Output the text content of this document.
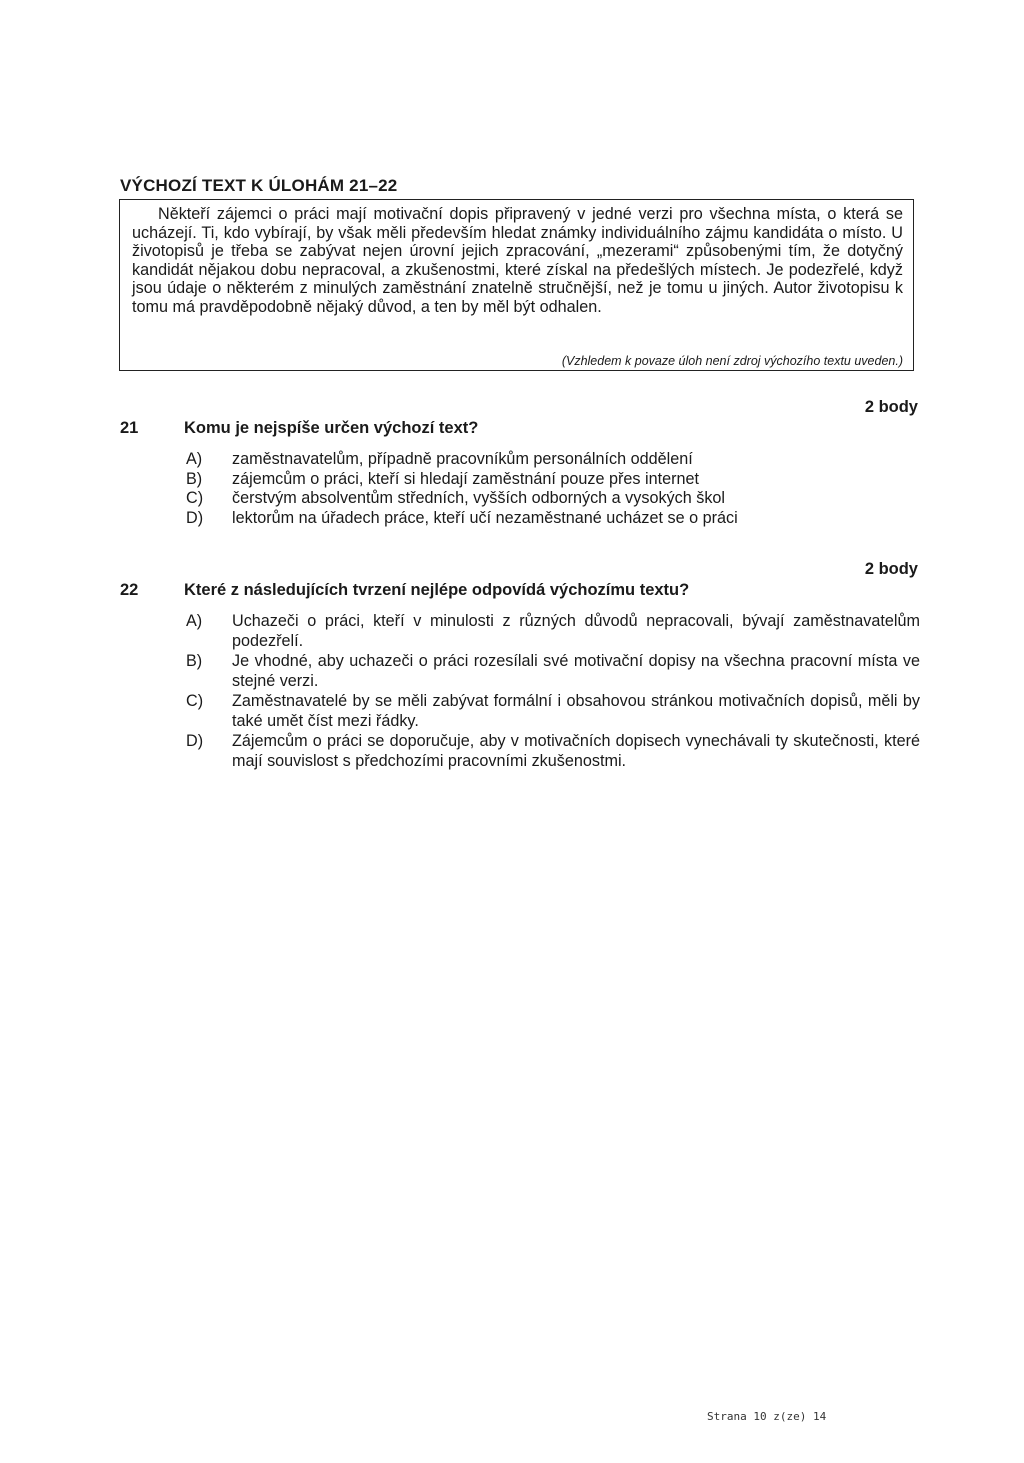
VÝCHOZÍ TEXT K ÚLOHÁM 21–22

Někteří zájemci o práci mají motivační dopis připravený v jedné verzi pro všechna místa, o která se ucházejí. Ti, kdo vybírají, by však měli především hledat známky individuálního zájmu kandidáta o místo. U životopisů je třeba se zabývat nejen úrovní jejich zpracování, „mezerami“ způsobenými tím, že dotyčný kandidát nějakou dobu nepracoval, a zkušenostmi, které získal na předešlých místech. Je podezřelé, když jsou údaje o některém z minulých zaměstnání znatelně stručnější, než je tomu u jiných. Autor životopisu k tomu má pravděpodobně nějaký důvod, a ten by měl být odhalen.

(Vzhledem k povaze úloh není zdroj výchozího textu uveden.)
2 body
21	Komu je nejspíše určen výchozí text?
A)	zaměstnavatelům, případně pracovníkům personálních oddělení
B)	zájemcům o práci, kteří si hledají zaměstnání pouze přes internet
C)	čerstvým absolventům středních, vyšších odborných a vysokých škol
D)	lektorům na úřadech práce, kteří učí nezaměstnané ucházet se o práci
2 body
22	Které z následujících tvrzení nejlépe odpovídá výchozímu textu?
A)	Uchazeči o práci, kteří v minulosti z různých důvodů nepracovali, bývají zaměstnavatelům podezřelí.
B)	Je vhodné, aby uchazeči o práci rozesílali své motivační dopisy na všechna pracovní místa ve stejné verzi.
C)	Zaměstnavatelé by se měli zabývat formální i obsahovou stránkou motivačních dopisů, měli by také umět číst mezi řádky.
D)	Zájemcům o práci se doporučuje, aby v motivačních dopisech vynechávali ty skutečnosti, které mají souvislost s předchozími pracovními zkušenostmi.
Strana 10 z(ze) 14
